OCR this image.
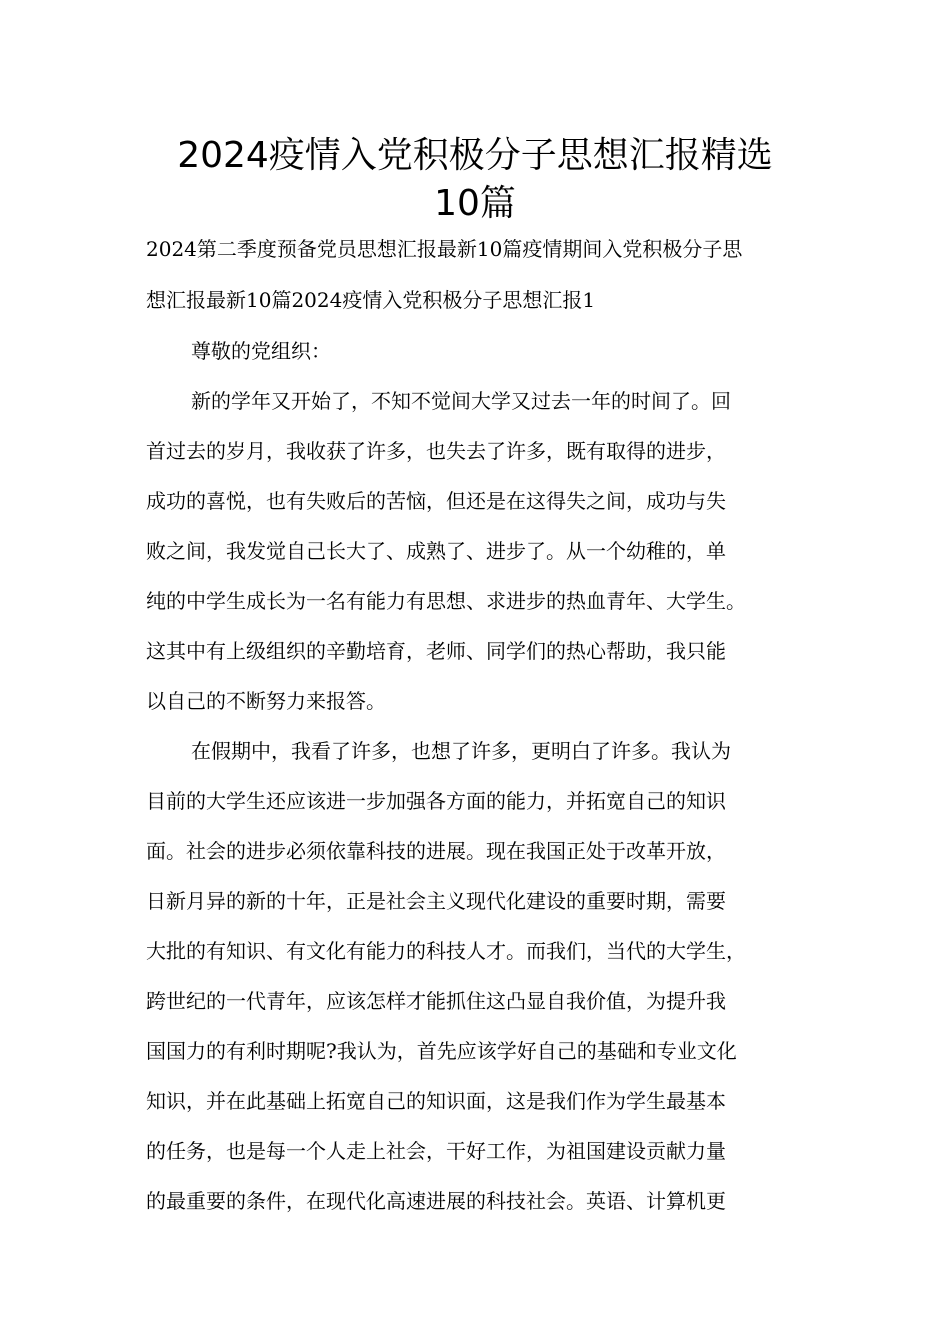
2024疫情入党积极分子思想汇报精选
10篇
2024第二季度预备党员思想汇报最新10篇疫情期间入党积极分子思
想汇报最新10篇2024疫情入党积极分子思想汇报1
尊敬的党组织：
新的学年又开始了，不知不觉间大学又过去一年的时间了。回
首过去的岁月，我收获了许多，也失去了许多，既有取得的进步，
成功的喜悦，也有失败后的苦恼，但还是在这得失之间，成功与失
败之间，我发觉自己长大了、成熟了、进步了。从一个幼稚的，单
纯的中学生成长为一名有能力有思想、求进步的热血青年、大学生。
这其中有上级组织的辛勤培育，老师、同学们的热心帮助，我只能
以自己的不断努力来报答。
在假期中，我看了许多，也想了许多，更明白了许多。我认为
目前的大学生还应该进一步加强各方面的能力，并拓宽自己的知识
面。社会的进步必须依靠科技的进展。现在我国正处于改革开放，
日新月异的新的十年，正是社会主义现代化建设的重要时期，需要
大批的有知识、有文化有能力的科技人才。而我们，当代的大学生，
跨世纪的一代青年，应该怎样才能抓住这凸显自我价值，为提升我
国国力的有利时期呢?我认为，首先应该学好自己的基础和专业文化
知识，并在此基础上拓宽自己的知识面，这是我们作为学生最基本
的任务，也是每一个人走上社会，干好工作，为祖国建设贡献力量
的最重要的条件，在现代化高速进展的科技社会。英语、计算机更
